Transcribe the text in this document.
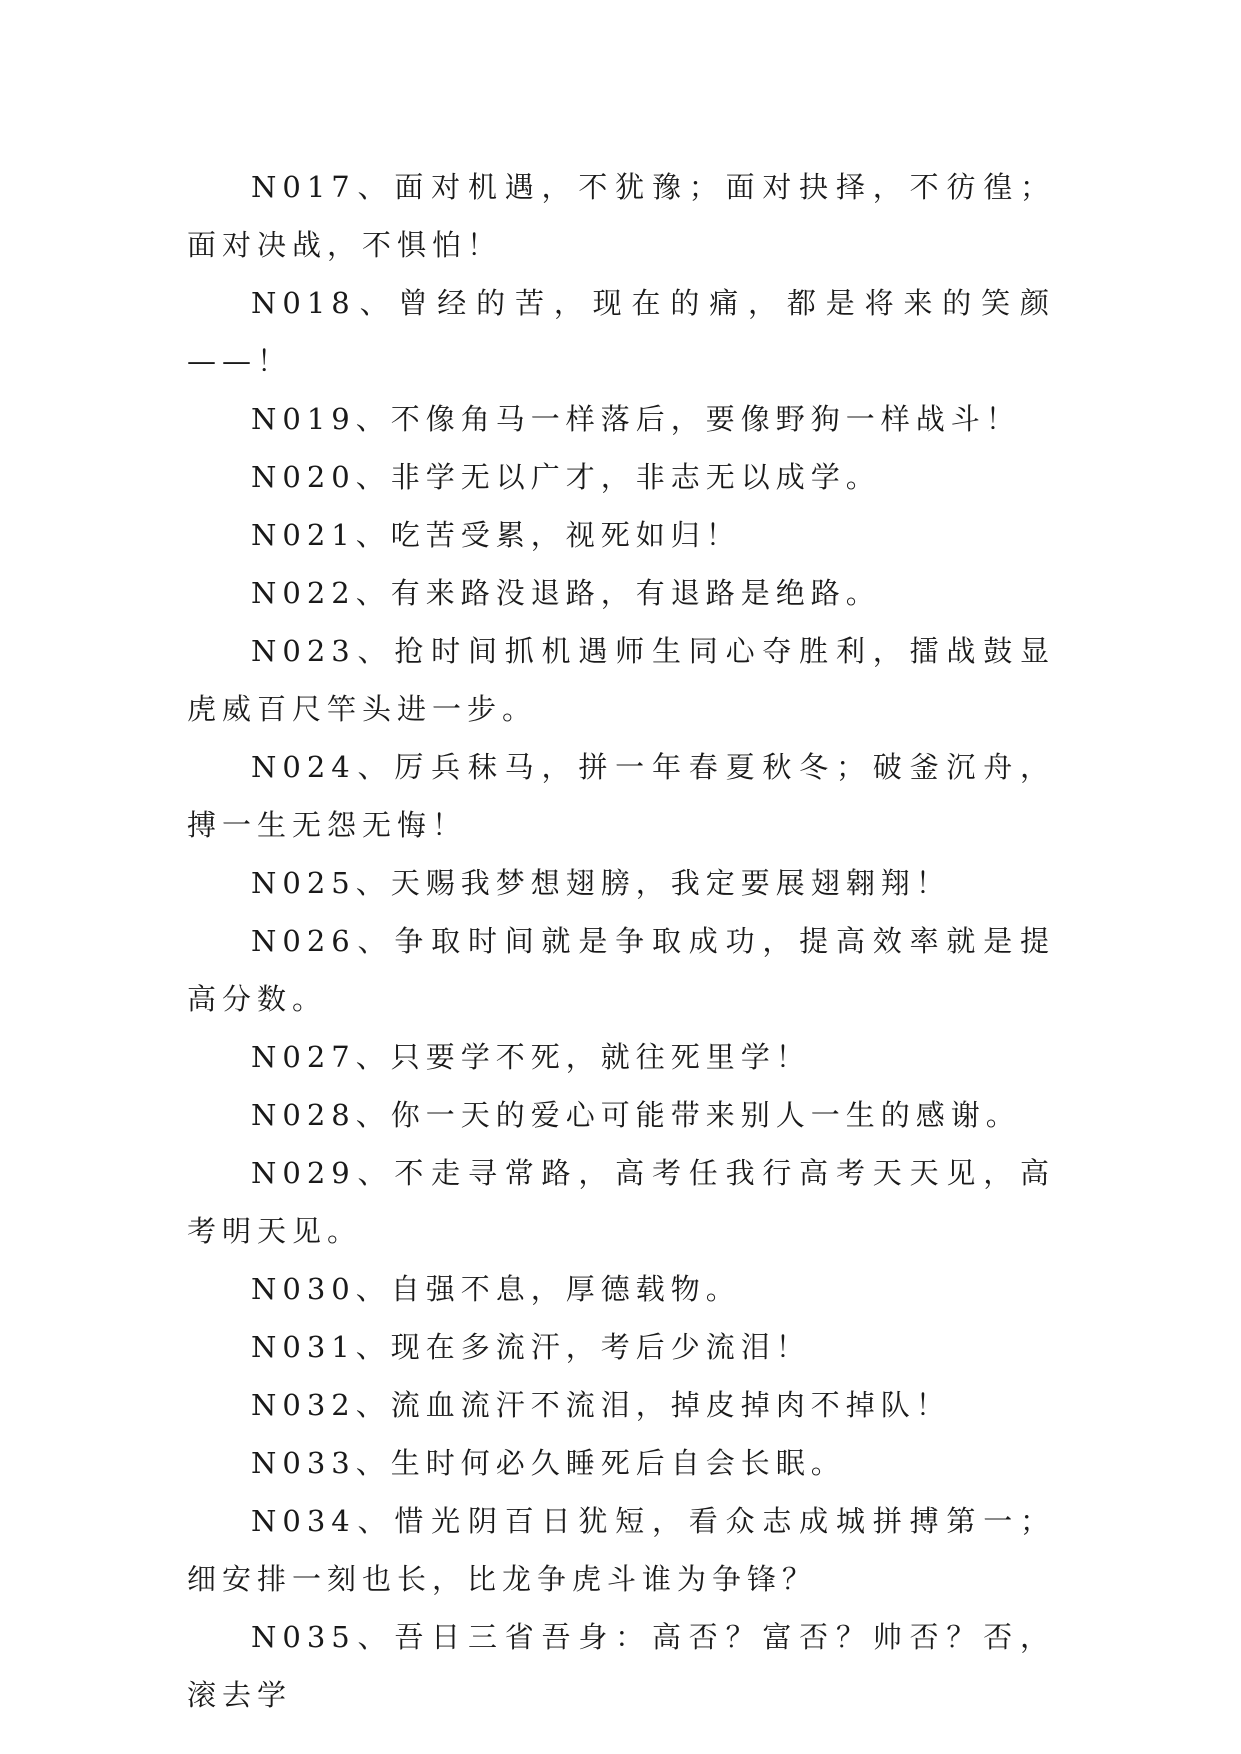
N017、面对机遇，不犹豫；面对抉择，不彷徨；面对决战，不惧怕！

N018、曾经的苦，现在的痛，都是将来的笑颜——！

N019、不像角马一样落后，要像野狗一样战斗！

N020、非学无以广才，非志无以成学。

N021、吃苦受累，视死如归！

N022、有来路没退路，有退路是绝路。

N023、抢时间抓机遇师生同心夺胜利，擂战鼓显虎威百尺竿头进一步。

N024、厉兵秣马，拼一年春夏秋冬；破釜沉舟，搏一生无怨无悔！

N025、天赐我梦想翅膀，我定要展翅翱翔！

N026、争取时间就是争取成功，提高效率就是提高分数。

N027、只要学不死，就往死里学！

N028、你一天的爱心可能带来别人一生的感谢。

N029、不走寻常路，高考任我行高考天天见，高考明天见。

N030、自强不息，厚德载物。

N031、现在多流汗，考后少流泪！

N032、流血流汗不流泪，掉皮掉肉不掉队！

N033、生时何必久睡死后自会长眠。

N034、惜光阴百日犹短，看众志成城拼搏第一；细安排一刻也长，比龙争虎斗谁为争锋？

N035、吾日三省吾身：高否？富否？帅否？否，滚去学
